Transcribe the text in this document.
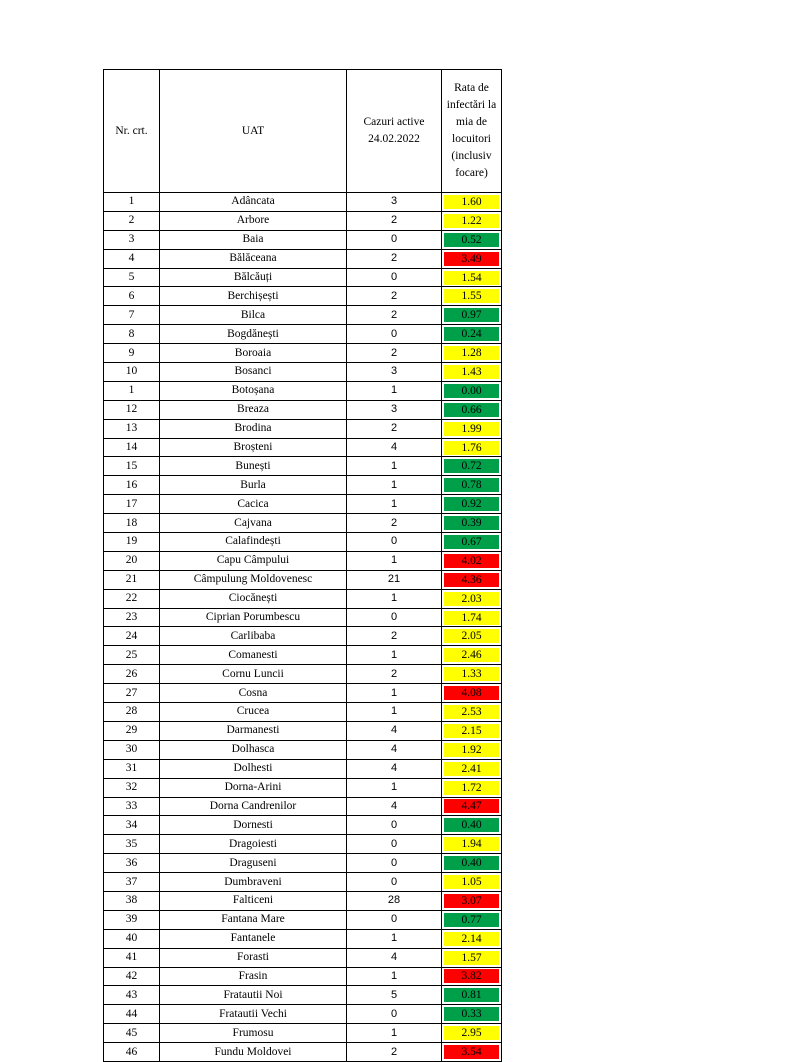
Nr. crt.	UAT	Cazuri active 24.02.2022	Rata de infectări la mia de locuitori (inclusiv focare)
1	Adâncata	3	1.60

2	Arbore	2	1.22

3	Baia	0	0.52

4	Bălăceana	2	3.49

5	Bălcăuți	0	1.54

6	Berchișești	2	1.55

7	Bilca	2	0.97

8	Bogdănești	0	0.24

9	Boroaia	2	1.28

10	Bosanci	3	1.43

1	Botoșana	1	0.00

12	Breaza	3	0.66

13	Brodina	2	1.99

14	Broșteni	4	1.76

15	Bunești	1	0.72

16	Burla	1	0.78

17	Cacica	1	0.92

18	Cajvana	2	0.39

19	Calafindești	0	0.67

20	Capu Câmpului	1	4.02

21	Câmpulung Moldovenesc	21	4.36

22	Ciocănești	1	2.03

23	Ciprian Porumbescu	0	1.74

24	Carlibaba	2	2.05

25	Comanesti	1	2.46

26	Cornu Luncii	2	1.33

27	Cosna	1	4.08

28	Crucea	1	2.53

29	Darmanesti	4	2.15

30	Dolhasca	4	1.92

31	Dolhesti	4	2.41

32	Dorna-Arini	1	1.72

33	Dorna Candrenilor	4	4.47

34	Dornesti	0	0.40

35	Dragoiesti	0	1.94

36	Draguseni	0	0.40

37	Dumbraveni	0	1.05

38	Falticeni	28	3.07

39	Fantana Mare	0	0.77

40	Fantanele	1	2.14

41	Forasti	4	1.57

42	Frasin	1	3.82

43	Fratautii Noi	5	0.81

44	Fratautii Vechi	0	0.33

45	Frumosu	1	2.95

46	Fundu Moldovei	2	3.54
